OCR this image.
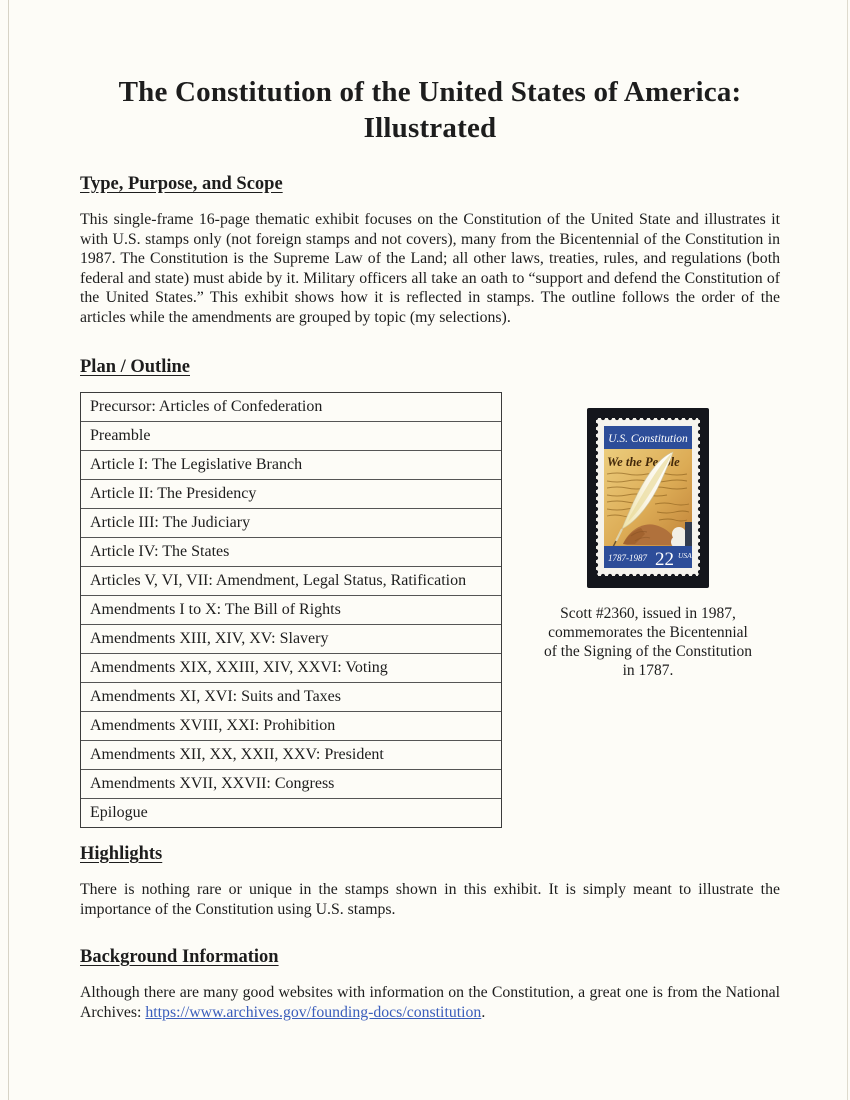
The Constitution of the United States of America:
Illustrated
Type, Purpose, and Scope

This single-frame 16-page thematic exhibit focuses on the Constitution of the United State and illustrates it with U.S. stamps only (not foreign stamps and not covers), many from the Bicentennial of the Constitution in 1987. The Constitution is the Supreme Law of the Land; all other laws, treaties, rules, and regulations (both federal and state) must abide by it. Military officers all take an oath to “support and defend the Constitution of the United States.” This exhibit shows how it is reflected in stamps. The outline follows the order of the articles while the amendments are grouped by topic (my selections).

Plan / Outline
Precursor: Articles of Confederation
Preamble
Article I: The Legislative Branch
Article II: The Presidency
Article III: The Judiciary
Article IV: The States
Articles V, VI, VII: Amendment, Legal Status, Ratification
Amendments I to X: The Bill of Rights
Amendments XIII, XIV, XV: Slavery
Amendments XIX, XXIII, XIV, XXVI: Voting
Amendments XI, XVI: Suits and Taxes
Amendments XVIII, XXI: Prohibition
Amendments XII, XX, XXII, XXV: President
Amendments XVII, XXVII: Congress
Epilogue
We the People
U.S. Constitution
1787-1987 22 USA
Scott #2360, issued in 1987,
commemorates the Bicentennial
of the Signing of the Constitution
in 1787.
Highlights

There is nothing rare or unique in the stamps shown in this exhibit. It is simply meant to illustrate the importance of the Constitution using U.S. stamps.

Background Information

Although there are many good websites with information on the Constitution, a great one is from the National Archives: https://www.archives.gov/founding-docs/constitution.
